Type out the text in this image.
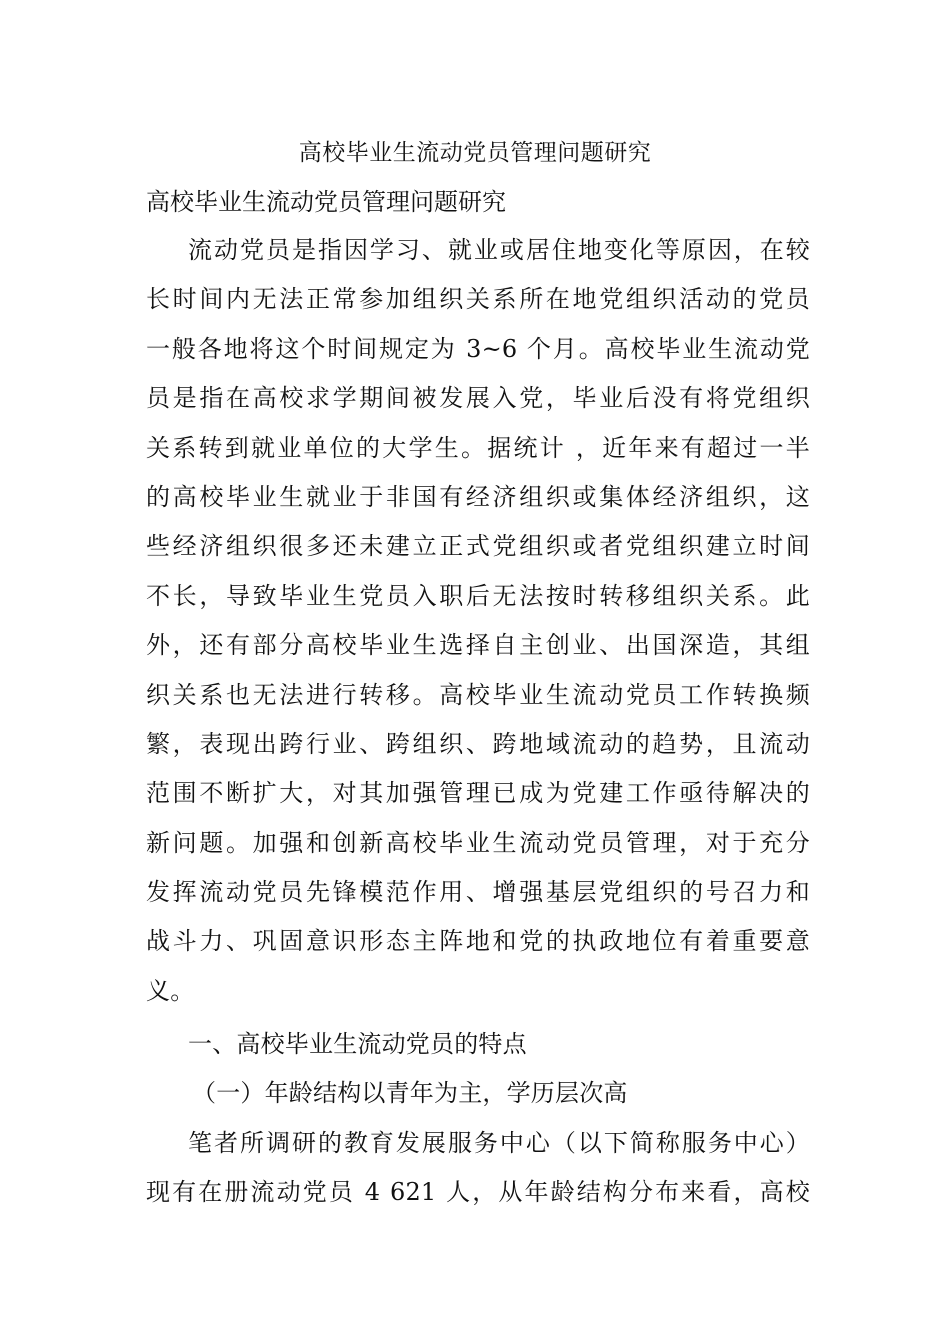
高校毕业生流动党员管理问题研究
高校毕业生流动党员管理问题研究
流动党员是指因学习、就业或居住地变化等原因，在较
长时间内无法正常参加组织关系所在地党组织活动的党员
一般各地将这个时间规定为 3~6 个月。高校毕业生流动党
员是指在高校求学期间被发展入党，毕业后没有将党组织
关系转到就业单位的大学生。据统计 ，近年来有超过一半
的高校毕业生就业于非国有经济组织或集体经济组织，这
些经济组织很多还未建立正式党组织或者党组织建立时间
不长，导致毕业生党员入职后无法按时转移组织关系。此
外，还有部分高校毕业生选择自主创业、出国深造，其组
织关系也无法进行转移。高校毕业生流动党员工作转换频
繁，表现出跨行业、跨组织、跨地域流动的趋势，且流动
范围不断扩大，对其加强管理已成为党建工作亟待解决的
新问题。加强和创新高校毕业生流动党员管理，对于充分
发挥流动党员先锋模范作用、增强基层党组织的号召力和
战斗力、巩固意识形态主阵地和党的执政地位有着重要意
义。
一、高校毕业生流动党员的特点
（一）年龄结构以青年为主，学历层次高
笔者所调研的教育发展服务中心（以下简称服务中心）
现有在册流动党员 4 621 人，从年龄结构分布来看，高校
